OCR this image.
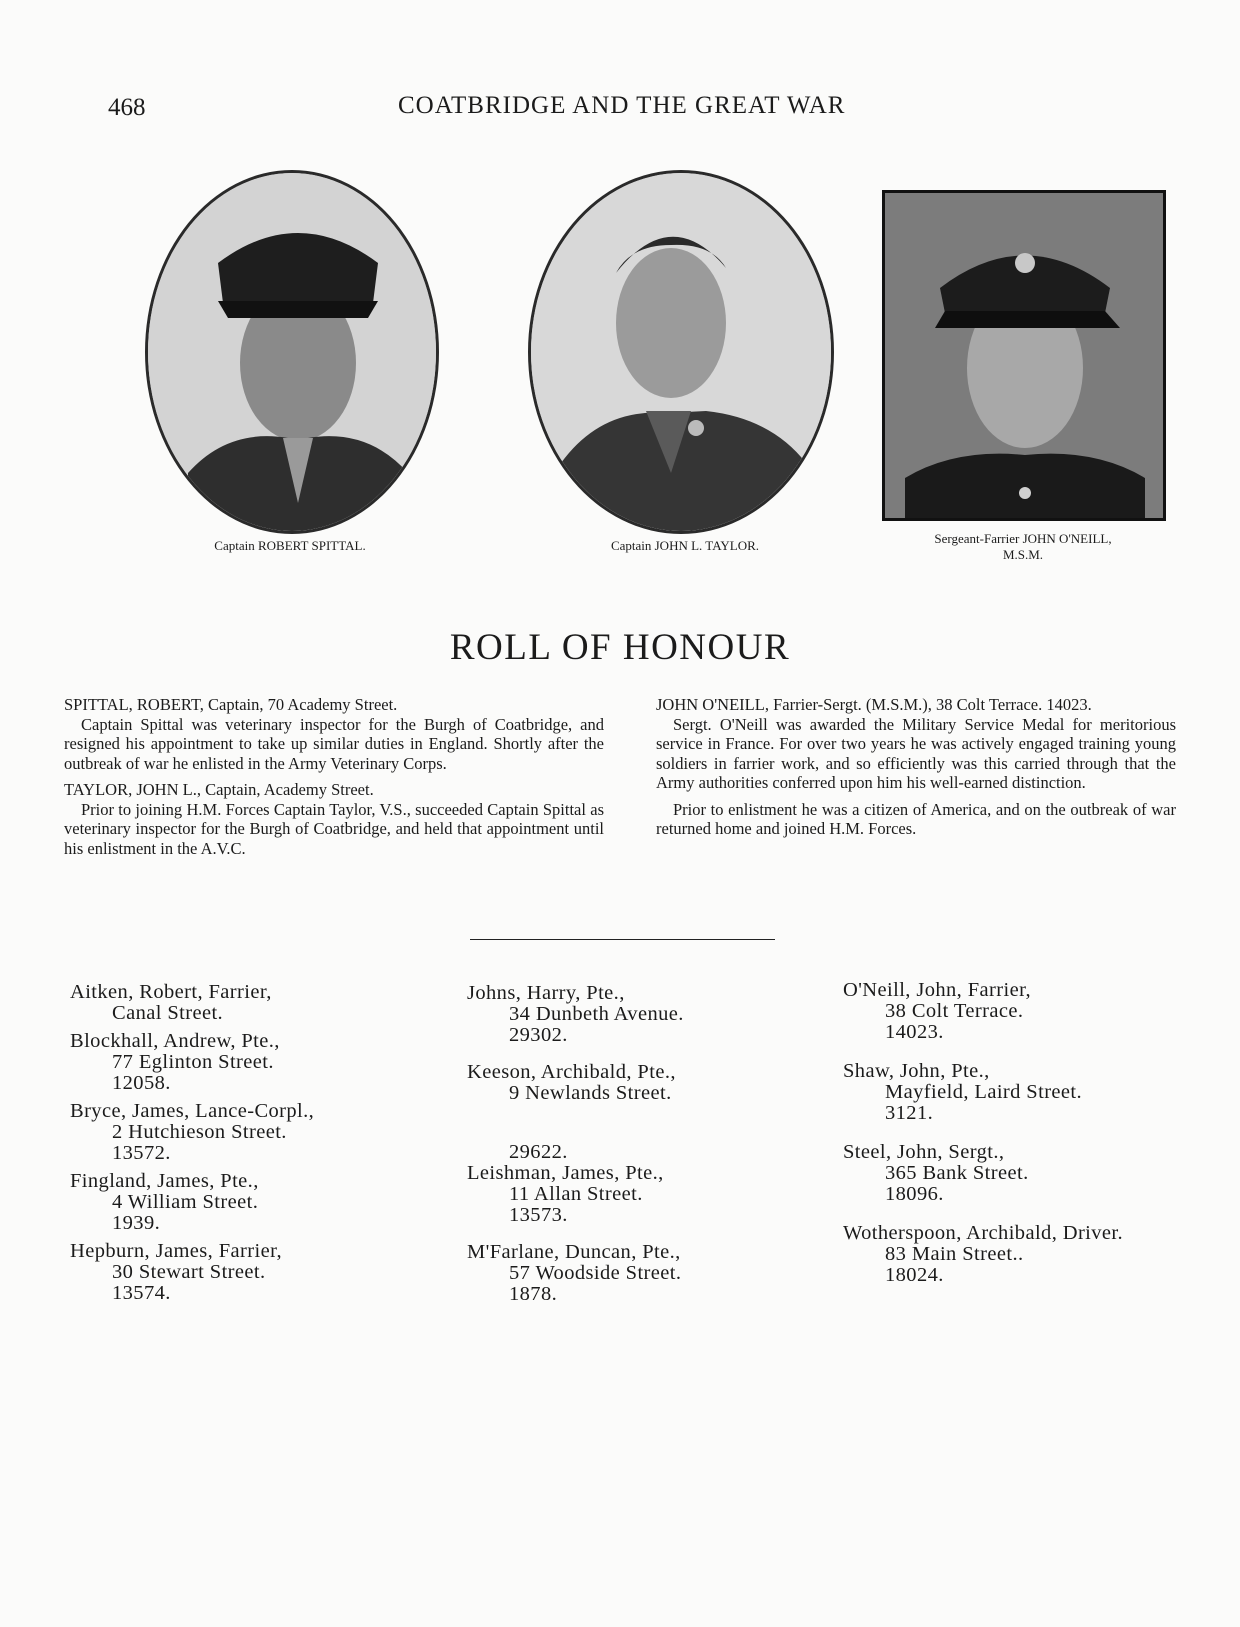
468	COATBRIDGE AND THE GREAT WAR
Captain ROBERT SPITTAL.	Captain JOHN L. TAYLOR.	Sergeant-Farrier JOHN O'NEILL,
M.S.M.
ROLL OF HONOUR
SPITTAL, ROBERT, Captain, 70 Academy Street.
Captain Spittal was veterinary inspector for the Burgh of Coatbridge, and resigned his appointment to take up similar duties in England. Shortly after the outbreak of war he enlisted in the Army Veterinary Corps.
TAYLOR, JOHN L., Captain, Academy Street.
Prior to joining H.M. Forces Captain Taylor, V.S., succeeded Captain Spittal as veterinary inspector for the Burgh of Coatbridge, and held that appointment until his enlistment in the A.V.C.
JOHN O'NEILL, Farrier-Sergt. (M.S.M.), 38 Colt Terrace. 14023.

Sergt. O'Neill was awarded the Military Service Medal for meritorious service in France. For over two years he was actively engaged training young soldiers in farrier work, and so efficiently was this carried through that the Army authorities conferred upon him his well-earned distinction.

Prior to enlistment he was a citizen of America, and on the outbreak of war returned home and joined H.M. Forces.

Aitken, Robert, Farrier,
Canal Street.
Blockhall, Andrew, Pte.,
77 Eglinton Street.
12058.
Bryce, James, Lance-Corpl.,
2 Hutchieson Street.
13572.
Fingland, James, Pte.,
4 William Street.
1939.
Hepburn, James, Farrier,
30 Stewart Street.
13574.
Johns, Harry, Pte.,
34 Dunbeth Avenue.
29302.
Keeson, Archibald, Pte.,
9 Newlands Street.
29622.
Leishman, James, Pte.,
11 Allan Street.
13573.
M'Farlane, Duncan, Pte.,
57 Woodside Street.
1878.
O'Neill, John, Farrier,
38 Colt Terrace.
14023.
Shaw, John, Pte.,
Mayfield, Laird Street.
3121.
Steel, John, Sergt.,
365 Bank Street.
18096.
Wotherspoon, Archibald, Driver.
83 Main Street..
18024.
